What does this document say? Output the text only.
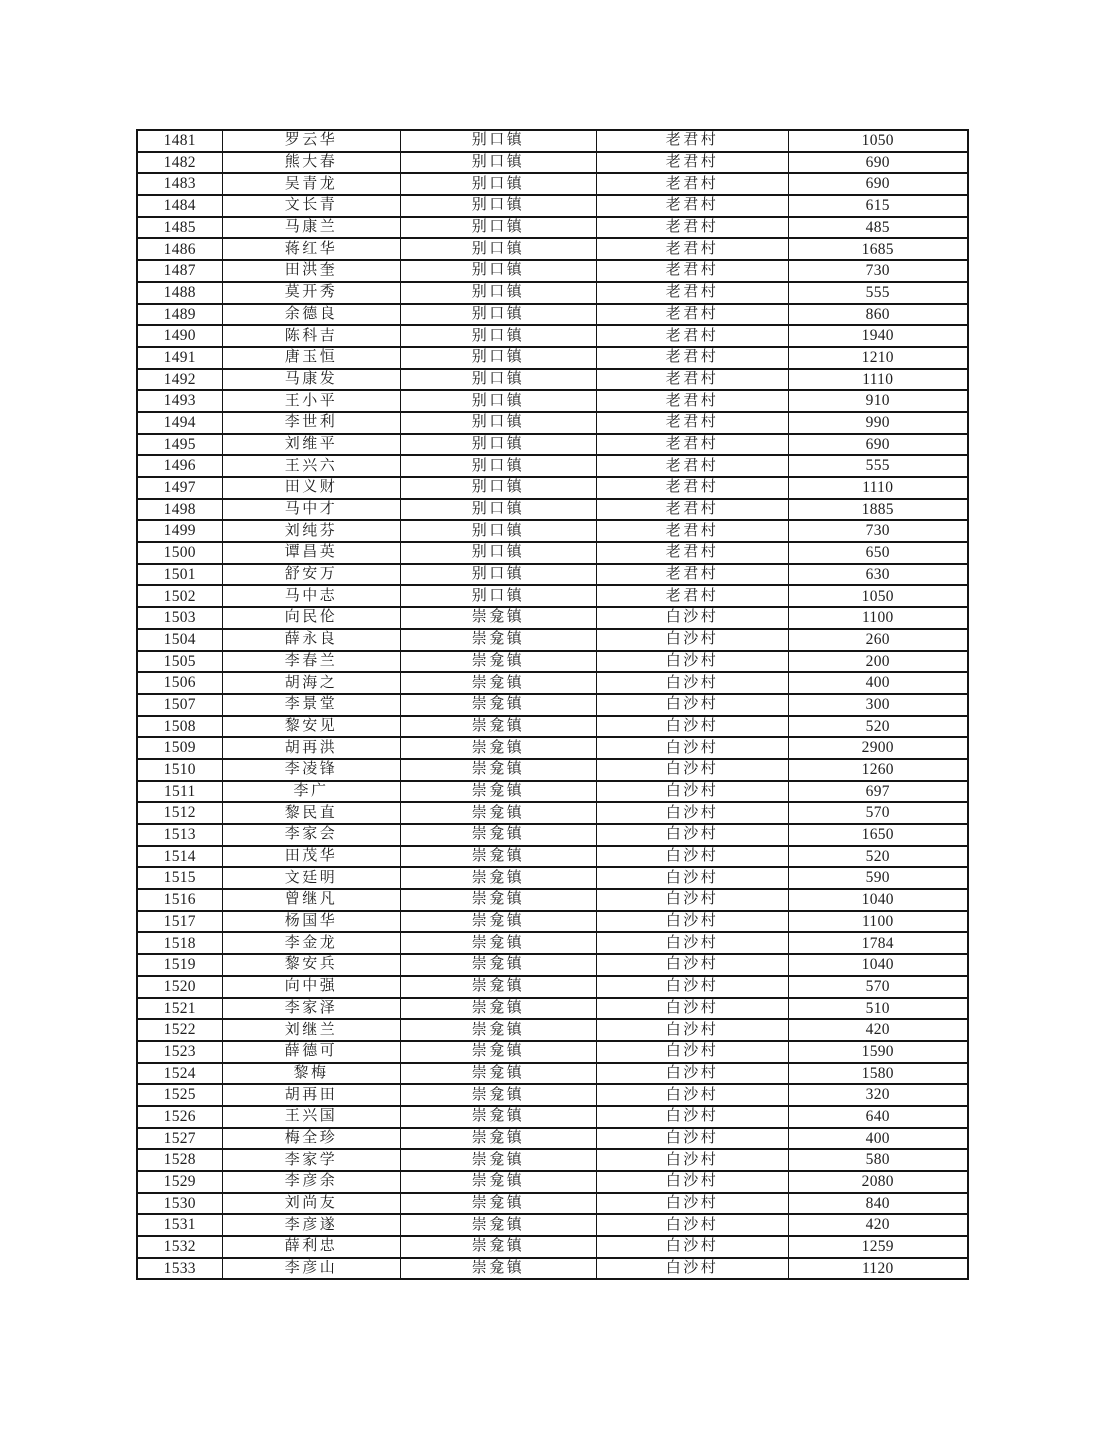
1481	罗云华	别口镇	老君村	1050
1482	熊大春	别口镇	老君村	690
1483	吴青龙	别口镇	老君村	690
1484	文长青	别口镇	老君村	615
1485	马康兰	别口镇	老君村	485
1486	蒋红华	别口镇	老君村	1685
1487	田洪奎	别口镇	老君村	730
1488	莫开秀	别口镇	老君村	555
1489	余德良	别口镇	老君村	860
1490	陈科吉	别口镇	老君村	1940
1491	唐玉恒	别口镇	老君村	1210
1492	马康发	别口镇	老君村	1110
1493	王小平	别口镇	老君村	910
1494	李世利	别口镇	老君村	990
1495	刘维平	别口镇	老君村	690
1496	王兴六	别口镇	老君村	555
1497	田义财	别口镇	老君村	1110
1498	马中才	别口镇	老君村	1885
1499	刘纯芬	别口镇	老君村	730
1500	谭昌英	别口镇	老君村	650
1501	舒安万	别口镇	老君村	630
1502	马中志	别口镇	老君村	1050
1503	向民伦	崇龛镇	白沙村	1100
1504	薛永良	崇龛镇	白沙村	260
1505	李春兰	崇龛镇	白沙村	200
1506	胡海之	崇龛镇	白沙村	400
1507	李景堂	崇龛镇	白沙村	300
1508	黎安见	崇龛镇	白沙村	520
1509	胡再洪	崇龛镇	白沙村	2900
1510	李凌锋	崇龛镇	白沙村	1260
1511	李广	崇龛镇	白沙村	697
1512	黎民直	崇龛镇	白沙村	570
1513	李家会	崇龛镇	白沙村	1650
1514	田茂华	崇龛镇	白沙村	520
1515	文廷明	崇龛镇	白沙村	590
1516	曾继凡	崇龛镇	白沙村	1040
1517	杨国华	崇龛镇	白沙村	1100
1518	李金龙	崇龛镇	白沙村	1784
1519	黎安兵	崇龛镇	白沙村	1040
1520	向中强	崇龛镇	白沙村	570
1521	李家泽	崇龛镇	白沙村	510
1522	刘继兰	崇龛镇	白沙村	420
1523	薛德可	崇龛镇	白沙村	1590
1524	黎梅	崇龛镇	白沙村	1580
1525	胡再田	崇龛镇	白沙村	320
1526	王兴国	崇龛镇	白沙村	640
1527	梅全珍	崇龛镇	白沙村	400
1528	李家学	崇龛镇	白沙村	580
1529	李彦余	崇龛镇	白沙村	2080
1530	刘尚友	崇龛镇	白沙村	840
1531	李彦遂	崇龛镇	白沙村	420
1532	薛利忠	崇龛镇	白沙村	1259
1533	李彦山	崇龛镇	白沙村	1120
